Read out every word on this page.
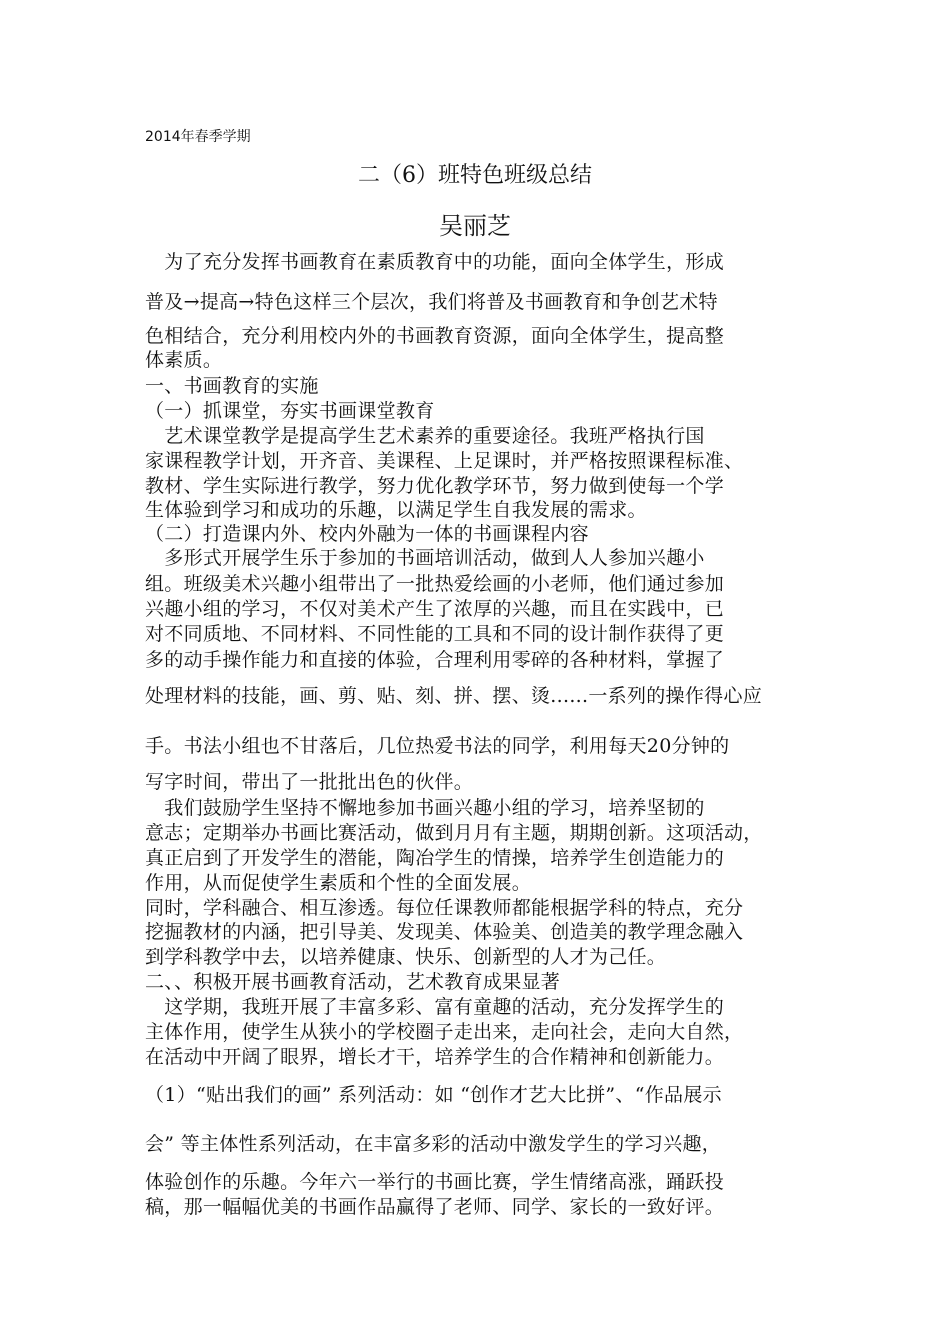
2014年春季学期
二（6）班特色班级总结
吴丽芝
　为了充分发挥书画教育在素质教育中的功能，面向全体学生，形成
普及→提高→特色这样三个层次，我们将普及书画教育和争创艺术特
色相结合，充分利用校内外的书画教育资源，面向全体学生，提高整
体素质。
一、书画教育的实施
（一）抓课堂，夯实书画课堂教育
　艺术课堂教学是提高学生艺术素养的重要途径。我班严格执行国
家课程教学计划，开齐音、美课程、上足课时，并严格按照课程标准、
教材、学生实际进行教学，努力优化教学环节，努力做到使每一个学
生体验到学习和成功的乐趣，以满足学生自我发展的需求。
（二）打造课内外、校内外融为一体的书画课程内容
　多形式开展学生乐于参加的书画培训活动，做到人人参加兴趣小
组。班级美术兴趣小组带出了一批热爱绘画的小老师，他们通过参加
兴趣小组的学习，不仅对美术产生了浓厚的兴趣，而且在实践中，已
对不同质地、不同材料、不同性能的工具和不同的设计制作获得了更
多的动手操作能力和直接的体验，合理利用零碎的各种材料，掌握了
处理材料的技能，画、剪、贴、刻、拼、摆、烫......一系列的操作得心应
手。书法小组也不甘落后，几位热爱书法的同学，利用每天20分钟的
写字时间，带出了一批批出色的伙伴。
　我们鼓励学生坚持不懈地参加书画兴趣小组的学习，培养坚韧的
意志；定期举办书画比赛活动，做到月月有主题，期期创新。这项活动，
真正启到了开发学生的潜能，陶冶学生的情操，培养学生创造能力的
作用，从而促使学生素质和个性的全面发展。
同时，学科融合、相互渗透。每位任课教师都能根据学科的特点，充分
挖掘教材的内涵，把引导美、发现美、体验美、创造美的教学理念融入
到学科教学中去，以培养健康、快乐、创新型的人才为己任。
二、、积极开展书画教育活动，艺术教育成果显著
　这学期，我班开展了丰富多彩、富有童趣的活动，充分发挥学生的
主体作用，使学生从狭小的学校圈子走出来，走向社会，走向大自然，
在活动中开阔了眼界，增长才干，培养学生的合作精神和创新能力。
（1）“贴出我们的画” 系列活动：如 “创作才艺大比拼”、“作品展示
会” 等主体性系列活动，在丰富多彩的活动中激发学生的学习兴趣，
体验创作的乐趣。今年六一举行的书画比赛，学生情绪高涨，踊跃投
稿，那一幅幅优美的书画作品赢得了老师、同学、家长的一致好评。
